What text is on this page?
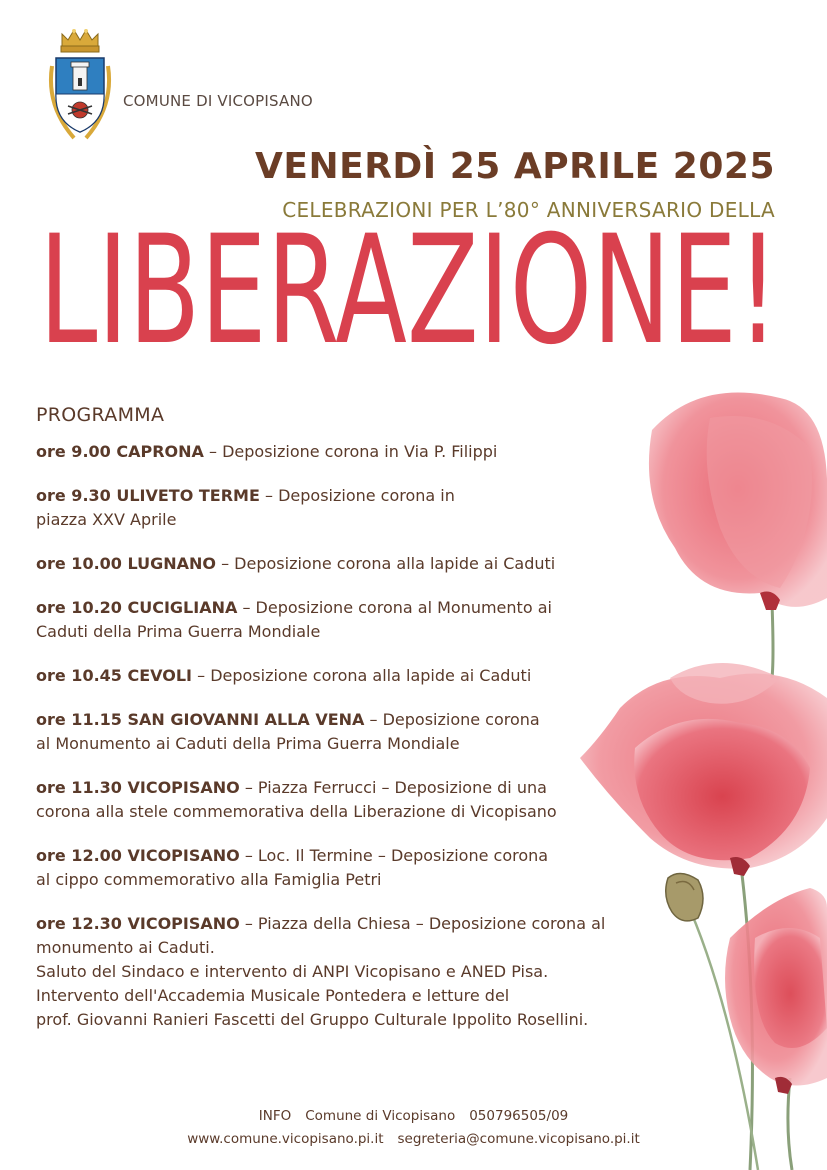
COMUNE DI VICOPISANO
VENERDÌ 25 APRILE 2025
CELEBRAZIONI PER L’80° ANNIVERSARIO DELLA
LIBERAZIONE!
PROGRAMMA
ore 9.00 CAPRONA – Deposizione corona in Via P. Filippi
ore 9.30 ULIVETO TERME – Deposizione corona in
piazza XXV Aprile
ore 10.00 LUGNANO – Deposizione corona alla lapide ai Caduti
ore 10.20 CUCIGLIANA – Deposizione corona al Monumento ai
Caduti della Prima Guerra Mondiale
ore 10.45 CEVOLI – Deposizione corona alla lapide ai Caduti
ore 11.15 SAN GIOVANNI ALLA VENA – Deposizione corona
al Monumento ai Caduti della Prima Guerra Mondiale
ore 11.30 VICOPISANO – Piazza Ferrucci – Deposizione di una
corona alla stele commemorativa della Liberazione di Vicopisano
ore 12.00 VICOPISANO – Loc. Il Termine – Deposizione corona
al cippo commemorativo alla Famiglia Petri
ore 12.30 VICOPISANO – Piazza della Chiesa – Deposizione corona al
monumento ai Caduti.
Saluto del Sindaco e intervento di ANPI Vicopisano e ANED Pisa.
Intervento dell'Accademia Musicale Pontedera e letture del
prof. Giovanni Ranieri Fascetti del Gruppo Culturale Ippolito Rosellini.
INFO Comune di Vicopisano 050796505/09
www.comune.vicopisano.pi.it segreteria@comune.vicopisano.pi.it
